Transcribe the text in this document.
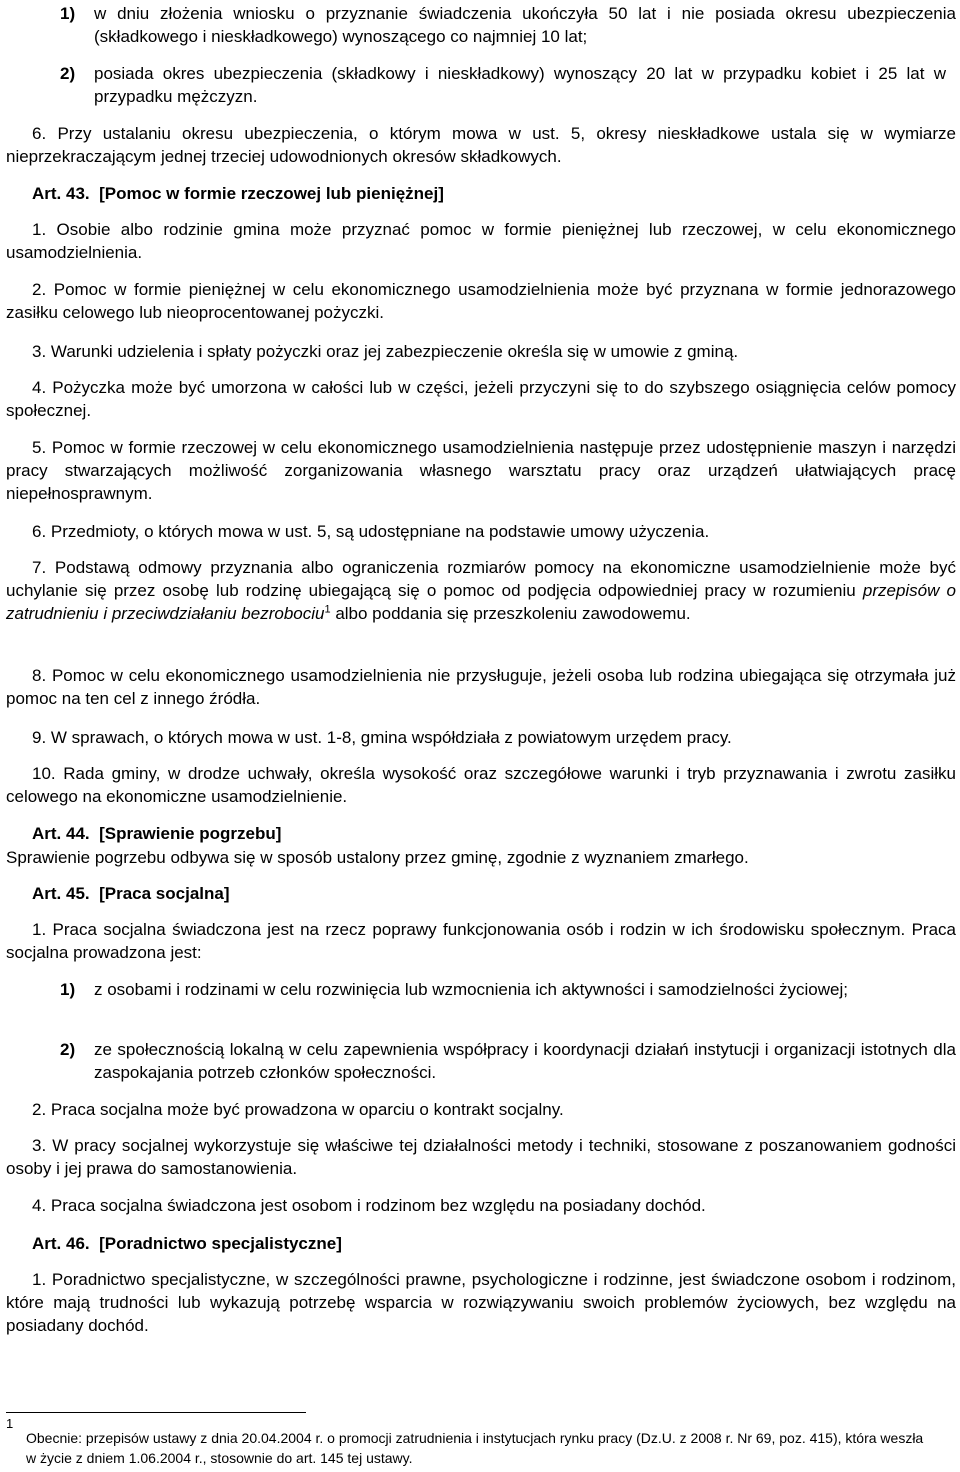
1)	w dniu złożenia wniosku o przyznanie świadczenia ukończyła 50 lat i nie posiada okresu ubezpieczenia (składkowego i nieskładkowego) wynoszącego co najmniej 10 lat;
2)	posiada okres ubezpieczenia (składkowy i nieskładkowy) wynoszący 20 lat w przypadku kobiet i 25 lat w przypadku mężczyzn.
6. Przy ustalaniu okresu ubezpieczenia, o którym mowa w ust. 5, okresy nieskładkowe ustala się w wymiarze nieprzekraczającym jednej trzeciej udowodnionych okresów składkowych.
Art. 43. [Pomoc w formie rzeczowej lub pieniężnej]
1. Osobie albo rodzinie gmina może przyznać pomoc w formie pieniężnej lub rzeczowej, w celu ekonomicznego usamodzielnienia.
2. Pomoc w formie pieniężnej w celu ekonomicznego usamodzielnienia może być przyznana w formie jednorazowego zasiłku celowego lub nieoprocentowanej pożyczki.
3. Warunki udzielenia i spłaty pożyczki oraz jej zabezpieczenie określa się w umowie z gminą.
4. Pożyczka może być umorzona w całości lub w części, jeżeli przyczyni się to do szybszego osiągnięcia celów pomocy społecznej.
5. Pomoc w formie rzeczowej w celu ekonomicznego usamodzielnienia następuje przez udostępnienie maszyn i narzędzi pracy stwarzających możliwość zorganizowania własnego warsztatu pracy oraz urządzeń ułatwiających pracę niepełnosprawnym.
6. Przedmioty, o których mowa w ust. 5, są udostępniane na podstawie umowy użyczenia.
7. Podstawą odmowy przyznania albo ograniczenia rozmiarów pomocy na ekonomiczne usamodzielnienie może być uchylanie się przez osobę lub rodzinę ubiegającą się o pomoc od podjęcia odpowiedniej pracy w rozumieniu przepisów o zatrudnieniu i przeciwdziałaniu bezrobociu$^1$ albo poddania się przeszkoleniu zawodowemu.
8. Pomoc w celu ekonomicznego usamodzielnienia nie przysługuje, jeżeli osoba lub rodzina ubiegająca się otrzymała już pomoc na ten cel z innego źródła.
9. W sprawach, o których mowa w ust. 1-8, gmina współdziała z powiatowym urzędem pracy.
10. Rada gminy, w drodze uchwały, określa wysokość oraz szczegółowe warunki i tryb przyznawania i zwrotu zasiłku celowego na ekonomiczne usamodzielnienie.
Art. 44. [Sprawienie pogrzebu]
Sprawienie pogrzebu odbywa się w sposób ustalony przez gminę, zgodnie z wyznaniem zmarłego.
Art. 45. [Praca socjalna]
1. Praca socjalna świadczona jest na rzecz poprawy funkcjonowania osób i rodzin w ich środowisku społecznym. Praca socjalna prowadzona jest:
1)	z osobami i rodzinami w celu rozwinięcia lub wzmocnienia ich aktywności i samodzielności życiowej;
2)	ze społecznością lokalną w celu zapewnienia współpracy i koordynacji działań instytucji i organizacji istotnych dla zaspokajania potrzeb członków społeczności.
2. Praca socjalna może być prowadzona w oparciu o kontrakt socjalny.
3. W pracy socjalnej wykorzystuje się właściwe tej działalności metody i techniki, stosowane z poszanowaniem godności osoby i jej prawa do samostanowienia.
4. Praca socjalna świadczona jest osobom i rodzinom bez względu na posiadany dochód.
Art. 46. [Poradnictwo specjalistyczne]
1. Poradnictwo specjalistyczne, w szczególności prawne, psychologiczne i rodzinne, jest świadczone osobom i rodzinom, które mają trudności lub wykazują potrzebę wsparcia w rozwiązywaniu swoich problemów życiowych, bez względu na posiadany dochód.
1
Obecnie: przepisów ustawy z dnia 20.04.2004 r. o promocji zatrudnienia i instytucjach rynku pracy (Dz.U. z 2008 r. Nr 69, poz. 415), która weszła w życie z dniem 1.06.2004 r., stosownie do art. 145 tej ustawy.
